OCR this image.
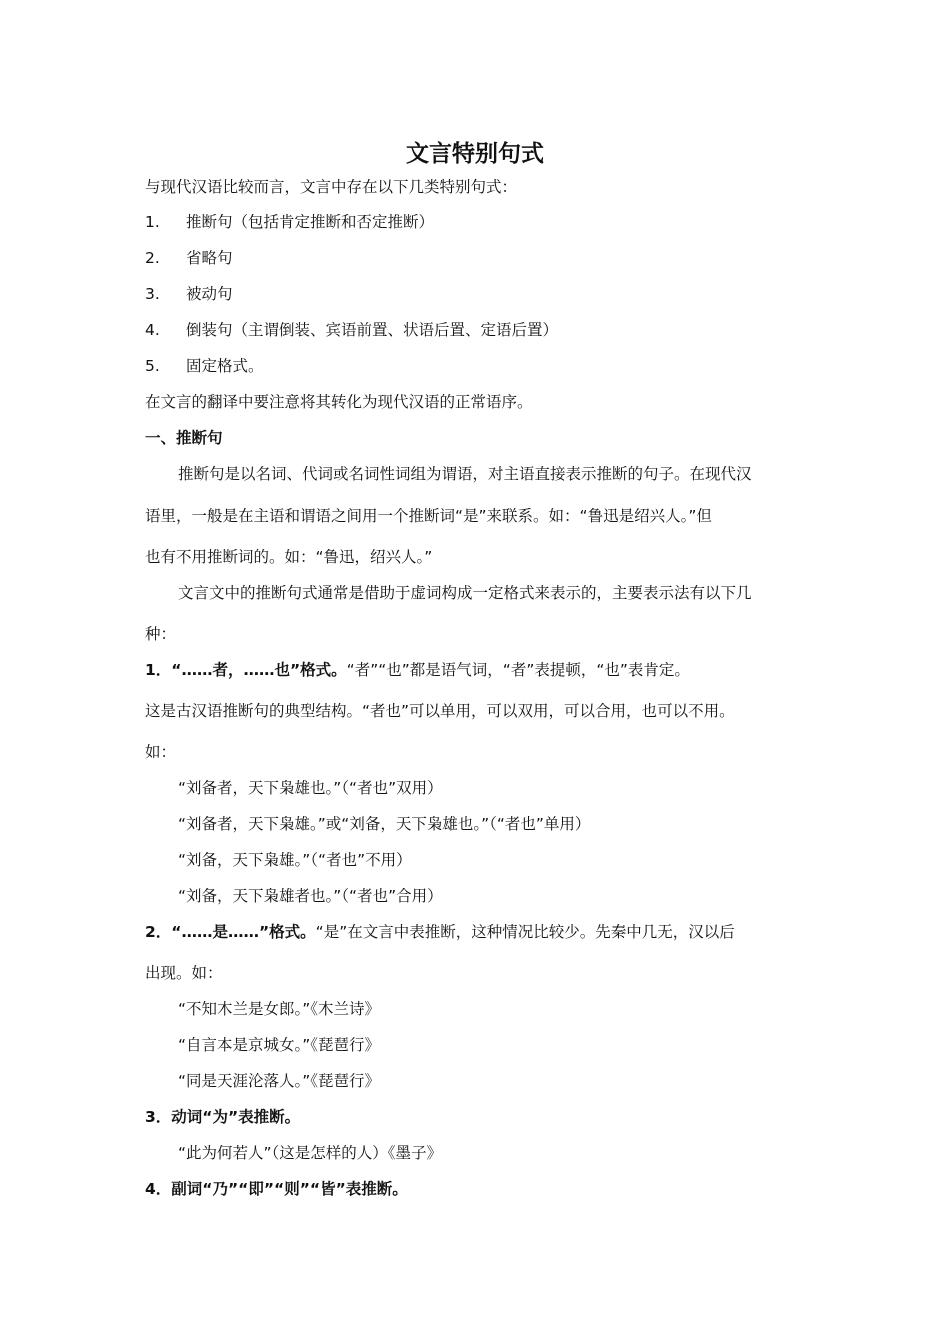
文言特别句式
与现代汉语比较而言，文言中存在以下几类特别句式：
1. 推断句（包括肯定推断和否定推断）
2. 省略句
3. 被动句
4. 倒装句（主谓倒装、宾语前置、状语后置、定语后置）
5. 固定格式。
在文言的翻译中要注意将其转化为现代汉语的正常语序。
一、推断句
推断句是以名词、代词或名词性词组为谓语，对主语直接表示推断的句子。在现代汉
语里，一般是在主语和谓语之间用一个推断词“是”来联系。如：“鲁迅是绍兴人。”但
也有不用推断词的。如：“鲁迅，绍兴人。”
文言文中的推断句式通常是借助于虚词构成一定格式来表示的，主要表示法有以下几
种：
1．“……者，……也”格式。“者”“也”都是语气词，“者”表提顿，“也”表肯定。
这是古汉语推断句的典型结构。“者也”可以单用，可以双用，可以合用，也可以不用。
如：
“刘备者，天下枭雄也。”（“者也”双用）
“刘备者，天下枭雄。”或“刘备，天下枭雄也。”（“者也”单用）
“刘备，天下枭雄。”（“者也”不用）
“刘备，天下枭雄者也。”（“者也”合用）
2．“……是……”格式。“是”在文言中表推断，这种情况比较少。先秦中几无，汉以后
出现。如：
“不知木兰是女郎。”《木兰诗》
“自言本是京城女。”《琵琶行》
“同是天涯沦落人。”《琵琶行》
3．动词“为”表推断。
“此为何若人”（这是怎样的人）《墨子》
4．副词“乃”“即”“则”“皆”表推断。
